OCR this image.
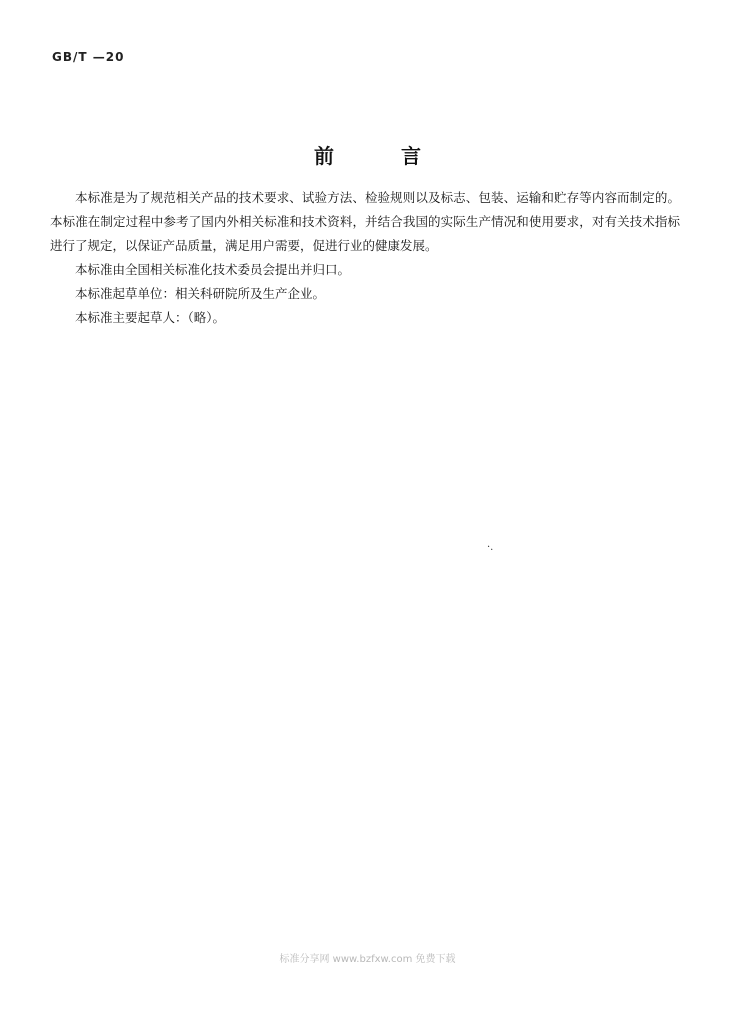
GB/T —20
前 言

本标准是为了规范相关产品的技术要求、试验方法、检验规则以及标志、包装、运输和贮存等内容而制定的。本标准在制定过程中参考了国内外相关标准和技术资料，并结合我国的实际生产情况和使用要求，对有关技术指标进行了规定，以保证产品质量，满足用户需要，促进行业的健康发展。

本标准由全国相关标准化技术委员会提出并归口。

本标准起草单位：相关科研院所及生产企业。

本标准主要起草人：（略）。

·.
标准分享网 www.bzfxw.com 免费下载
